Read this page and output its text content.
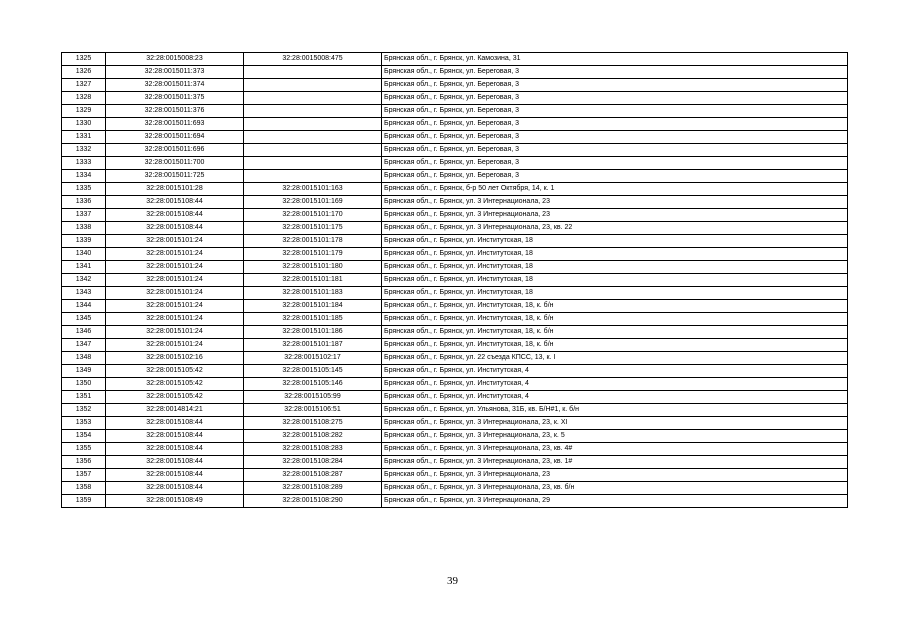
1325	32:28:0015008:23	32:28:0015008:475	Брянская обл., г. Брянск, ул. Камозина, 31
1326	32:28:0015011:373		Брянская обл., г. Брянск, ул. Береговая, 3
1327	32:28:0015011:374		Брянская обл., г. Брянск, ул. Береговая, 3
1328	32:28:0015011:375		Брянская обл., г. Брянск, ул. Береговая, 3
1329	32:28:0015011:376		Брянская обл., г. Брянск, ул. Береговая, 3
1330	32:28:0015011:693		Брянская обл., г. Брянск, ул. Береговая, 3
1331	32:28:0015011:694		Брянская обл., г. Брянск, ул. Береговая, 3
1332	32:28:0015011:696		Брянская обл., г. Брянск, ул. Береговая, 3
1333	32:28:0015011:700		Брянская обл., г. Брянск, ул. Береговая, 3
1334	32:28:0015011:725		Брянская обл., г. Брянск, ул. Береговая, 3
1335	32:28:0015101:28	32:28:0015101:163	Брянская обл., г. Брянск, б-р 50 лет Октября, 14, к. 1
1336	32:28:0015108:44	32:28:0015101:169	Брянская обл., г. Брянск, ул. 3 Интернационала, 23
1337	32:28:0015108:44	32:28:0015101:170	Брянская обл., г. Брянск, ул. 3 Интернационала, 23
1338	32:28:0015108:44	32:28:0015101:175	Брянская обл., г. Брянск, ул. 3 Интернационала, 23, кв. 22
1339	32:28:0015101:24	32:28:0015101:178	Брянская обл., г. Брянск, ул. Институтская, 18
1340	32:28:0015101:24	32:28:0015101:179	Брянская обл., г. Брянск, ул. Институтская, 18
1341	32:28:0015101:24	32:28:0015101:180	Брянская обл., г. Брянск, ул. Институтская, 18
1342	32:28:0015101:24	32:28:0015101:181	Брянская обл., г. Брянск, ул. Институтская, 18
1343	32:28:0015101:24	32:28:0015101:183	Брянская обл., г. Брянск, ул. Институтская, 18
1344	32:28:0015101:24	32:28:0015101:184	Брянская обл., г. Брянск, ул. Институтская, 18, к. б/н
1345	32:28:0015101:24	32:28:0015101:185	Брянская обл., г. Брянск, ул. Институтская, 18, к. б/н
1346	32:28:0015101:24	32:28:0015101:186	Брянская обл., г. Брянск, ул. Институтская, 18, к. б/н
1347	32:28:0015101:24	32:28:0015101:187	Брянская обл., г. Брянск, ул. Институтская, 18, к. б/н
1348	32:28:0015102:16	32:28:0015102:17	Брянская обл., г. Брянск, ул. 22 съезда КПСС, 13, к. I
1349	32:28:0015105:42	32:28:0015105:145	Брянская обл., г. Брянск, ул. Институтская, 4
1350	32:28:0015105:42	32:28:0015105:146	Брянская обл., г. Брянск, ул. Институтская, 4
1351	32:28:0015105:42	32:28:0015105:99	Брянская обл., г. Брянск, ул. Институтская, 4
1352	32:28:0014814:21	32:28:0015106:51	Брянская обл., г. Брянск, ул. Ульянова, 31Б, кв. Б/Н#1, к. б/н
1353	32:28:0015108:44	32:28:0015108:275	Брянская обл., г. Брянск, ул. 3 Интернационала, 23, к. XI
1354	32:28:0015108:44	32:28:0015108:282	Брянская обл., г. Брянск, ул. 3 Интернационала, 23, к. 5
1355	32:28:0015108:44	32:28:0015108:283	Брянская обл., г. Брянск, ул. 3 Интернационала, 23, кв. 4#
1356	32:28:0015108:44	32:28:0015108:284	Брянская обл., г. Брянск, ул. 3 Интернационала, 23, кв. 1#
1357	32:28:0015108:44	32:28:0015108:287	Брянская обл., г. Брянск, ул. 3 Интернационала, 23
1358	32:28:0015108:44	32:28:0015108:289	Брянская обл., г. Брянск, ул. 3 Интернационала, 23, кв. б/н
1359	32:28:0015108:49	32:28:0015108:290	Брянская обл., г. Брянск, ул. 3 Интернационала, 29
39
